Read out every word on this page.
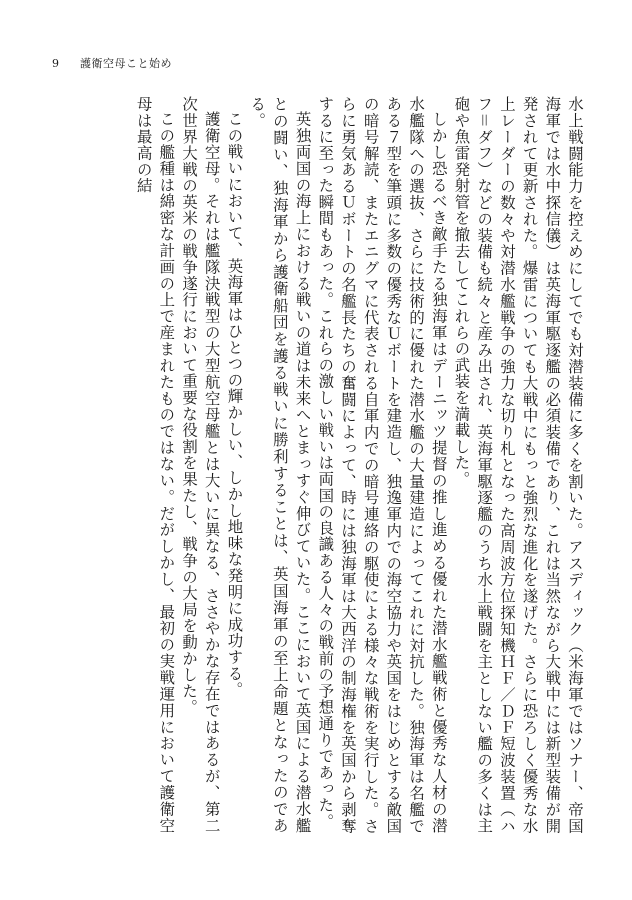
9 護衛空母こと始め

水上戦闘能力を控えめにしてでも対潜装備に多くを割いた。アスディック（米海軍ではソナー、帝国海軍では水中探信儀）は英海軍駆逐艦の必須装備であり、これは当然ながら大戦中には新型装備が開発されて更新された。爆雷についても大戦中にもっと強烈な進化を遂げた。さらに恐ろしく優秀な水上レーダーの数々や対潜水艦戦争の強力な切り札となった高周波方位探知機ＨＦ／ＤＦ短波装置（ハフ＝ダフ）などの装備も続々と産み出され、英海軍駆逐艦のうち水上戦闘を主としない艦の多くは主砲や魚雷発射管を撤去してこれらの武装を満載した。

しかし恐るべき敵手たる独海軍はデーニッツ提督の推し進める優れた潜水艦戦術と優秀な人材の潜水艦隊への選抜、さらに技術的に優れた潜水艦の大量建造によってこれに対抗した。独海軍は名艦である７型を筆頭に多数の優秀なＵボートを建造し、独逸軍内での海空協力や英国をはじめとする敵国の暗号解読、またエニグマに代表される自軍内での暗号連絡の駆使による様々な戦術を実行した。さらに勇気あるＵボートの名艦長たちの奮闘によって、時には独海軍は大西洋の制海権を英国から剥奪するに至った瞬間もあった。これらの激しい戦いは両国の良識ある人々の戦前の予想通りであった。

英独両国の海上における戦いの道は未来へとまっすぐ伸びていた。ここにおいて英国による潜水艦との闘い、独海軍から護衛船団を護る戦いに勝利することは、英国海軍の至上命題となったのである。

この戦いにおいて、英海軍はひとつの輝かしい、しかし地味な発明に成功する。

護衛空母。それは艦隊決戦型の大型航空母艦とは大いに異なる、ささやかな存在ではあるが、第二次世界大戦の英米の戦争遂行において重要な役割を果たし、戦争の大局を動かした。

この艦種は綿密な計画の上で産まれたものではない。だがしかし、最初の実戦運用において護衛空母は最高の結
